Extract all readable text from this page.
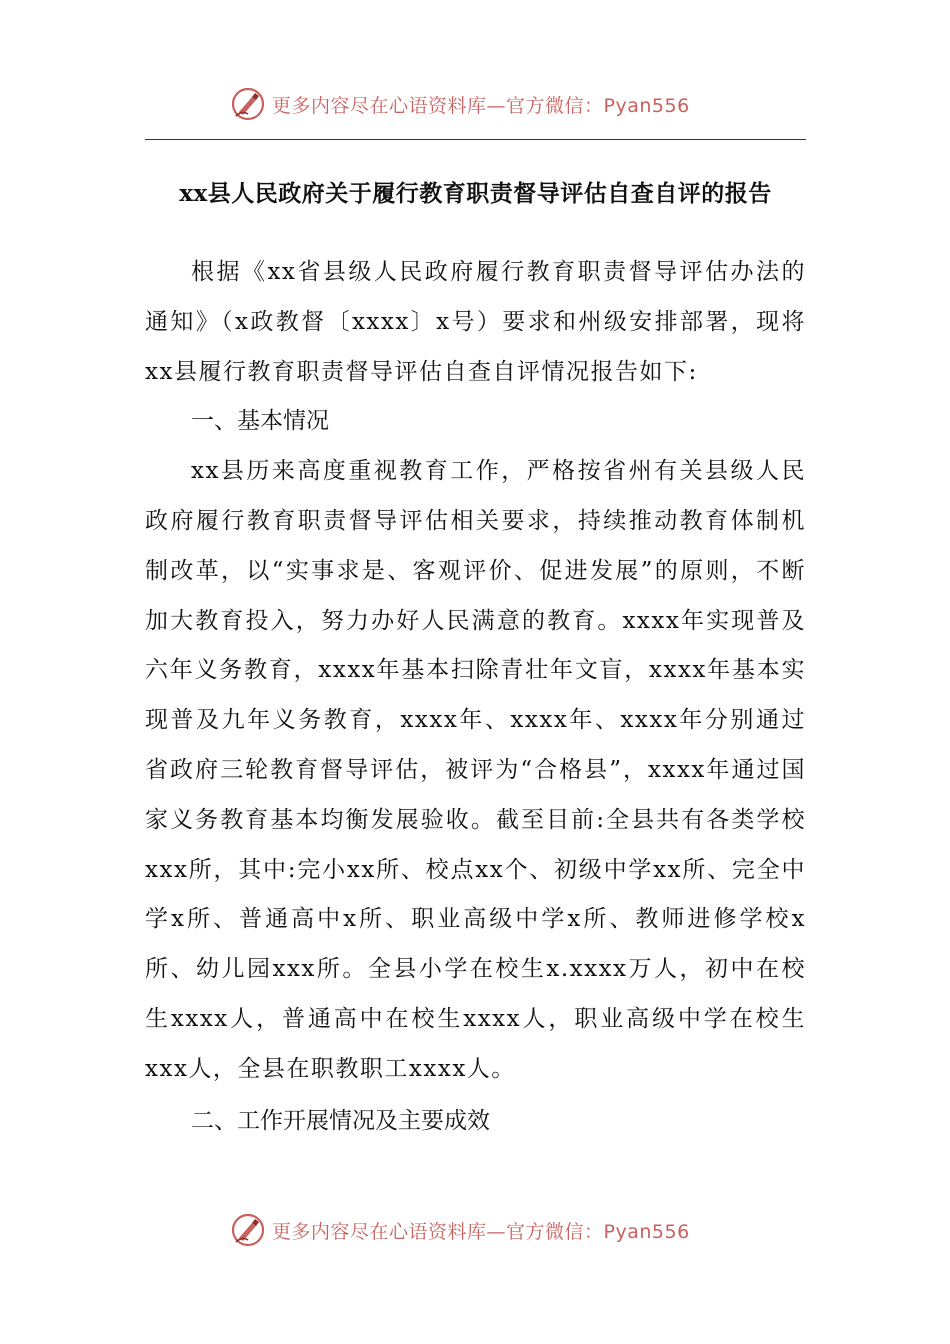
更多内容尽在心语资料库—官方微信：Pyan556
xx县人民政府关于履行教育职责督导评估自查自评的报告

根据《xx省县级人民政府履行教育职责督导评估办法的通知》（x政教督〔xxxx〕x号）要求和州级安排部署，现将xx县履行教育职责督导评估自查自评情况报告如下:

一、基本情况

xx县历来高度重视教育工作，严格按省州有关县级人民政府履行教育职责督导评估相关要求，持续推动教育体制机制改革，以“实事求是、客观评价、促进发展”的原则，不断加大教育投入，努力办好人民满意的教育。xxxx年实现普及六年义务教育，xxxx年基本扫除青壮年文盲，xxxx年基本实现普及九年义务教育，xxxx年、xxxx年、xxxx年分别通过省政府三轮教育督导评估，被评为“合格县”，xxxx年通过国家义务教育基本均衡发展验收。截至目前:全县共有各类学校xxx所，其中:完小xx所、校点xx个、初级中学xx所、完全中学x所、普通高中x所、职业高级中学x所、教师进修学校x所、幼儿园xxx所。全县小学在校生x.xxxx万人，初中在校生xxxx人，普通高中在校生xxxx人，职业高级中学在校生xxx人，全县在职教职工xxxx人。

二、工作开展情况及主要成效

更多内容尽在心语资料库—官方微信：Pyan556
